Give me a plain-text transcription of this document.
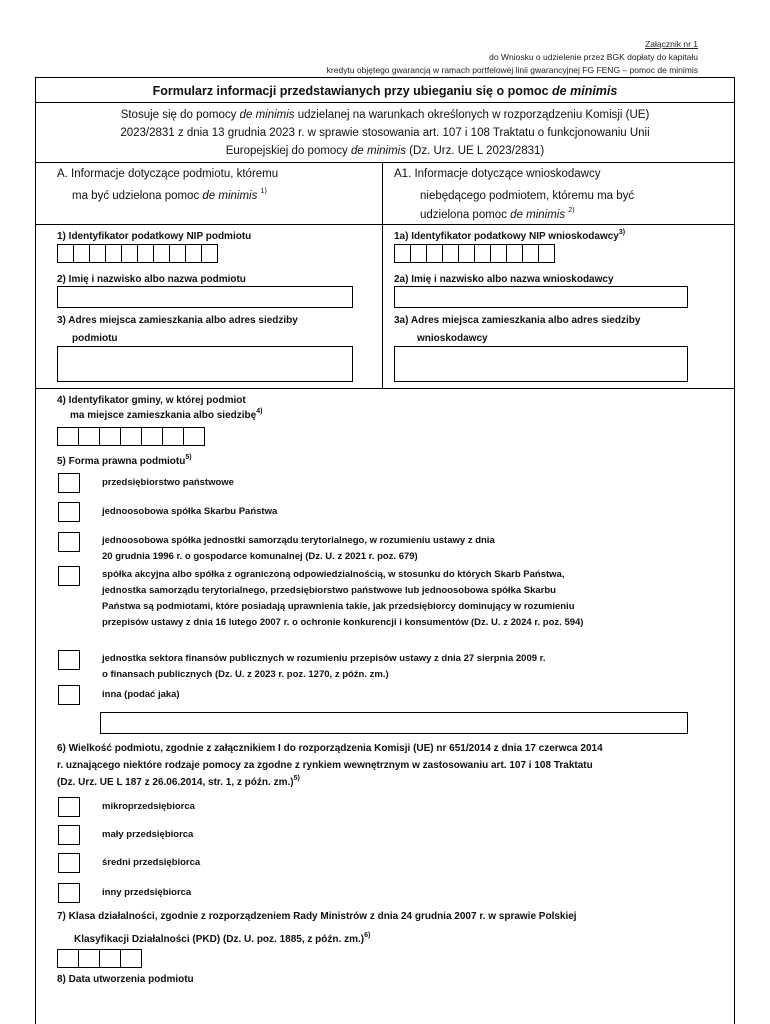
Załącznik nr 1
do Wniosku o udzielenie przez BGK dopłaty do kapitału
kredytu objętego gwarancją w ramach portfelowej linii gwarancyjnej FG FENG – pomoc de minimis
Formularz informacji przedstawianych przy ubieganiu się o pomoc de minimis
Stosuje się do pomocy de minimis udzielanej na warunkach określonych w rozporządzeniu Komisji (UE)
2023/2831 z dnia 13 grudnia 2023 r. w sprawie stosowania art. 107 i 108 Traktatu o funkcjonowaniu Unii
Europejskiej do pomocy de minimis (Dz. Urz. UE L 2023/2831)
A. Informacje dotyczące podmiotu, któremu
ma być udzielona pomoc de minimis $^{1)}$
A1. Informacje dotyczące wnioskodawcy
niebędącego podmiotem, któremu ma być
udzielona pomoc de minimis $^{2)}$
1) Identyfikator podatkowy NIP podmiotu	1a) Identyfikator podatkowy NIP wnioskodawcy$^{3)}$
2) Imię i nazwisko albo nazwa podmiotu	2a) Imię i nazwisko albo nazwa wnioskodawcy
3) Adres miejsca zamieszkania albo adres siedziby
podmiotu
3a) Adres miejsca zamieszkania albo adres siedziby
wnioskodawcy
4) Identyfikator gminy, w której podmiot
ma miejsce zamieszkania albo siedzibę$^{4)}$
5) Forma prawna podmiotu$^{5)}$
przedsiębiorstwo państwowe
jednoosobowa spółka Skarbu Państwa
jednoosobowa spółka jednostki samorządu terytorialnego, w rozumieniu ustawy z dnia
20 grudnia 1996 r. o gospodarce komunalnej (Dz. U. z 2021 r. poz. 679)
spółka akcyjna albo spółka z ograniczoną odpowiedzialnością, w stosunku do których Skarb Państwa,
jednostka samorządu terytorialnego, przedsiębiorstwo państwowe lub jednoosobowa spółka Skarbu
Państwa są podmiotami, które posiadają uprawnienia takie, jak przedsiębiorcy dominujący w rozumieniu
przepisów ustawy z dnia 16 lutego 2007 r. o ochronie konkurencji i konsumentów (Dz. U. z 2024 r. poz. 594)
jednostka sektora finansów publicznych w rozumieniu przepisów ustawy z dnia 27 sierpnia 2009 r.
o finansach publicznych (Dz. U. z 2023 r. poz. 1270, z późn. zm.)
inna (podać jaka)
6) Wielkość podmiotu, zgodnie z załącznikiem I do rozporządzenia Komisji (UE) nr 651/2014 z dnia 17 czerwca 2014
r. uznającego niektóre rodzaje pomocy za zgodne z rynkiem wewnętrznym w zastosowaniu art. 107 i 108 Traktatu
(Dz. Urz. UE L 187 z 26.06.2014, str. 1, z późn. zm.)$^{5)}$
mikroprzedsiębiorca
mały przedsiębiorca
średni przedsiębiorca
inny przedsiębiorca
7) Klasa działalności, zgodnie z rozporządzeniem Rady Ministrów z dnia 24 grudnia 2007 r. w sprawie Polskiej
Klasyfikacji Działalności (PKD) (Dz. U. poz. 1885, z późn. zm.)$^{6)}$
8) Data utworzenia podmiotu
